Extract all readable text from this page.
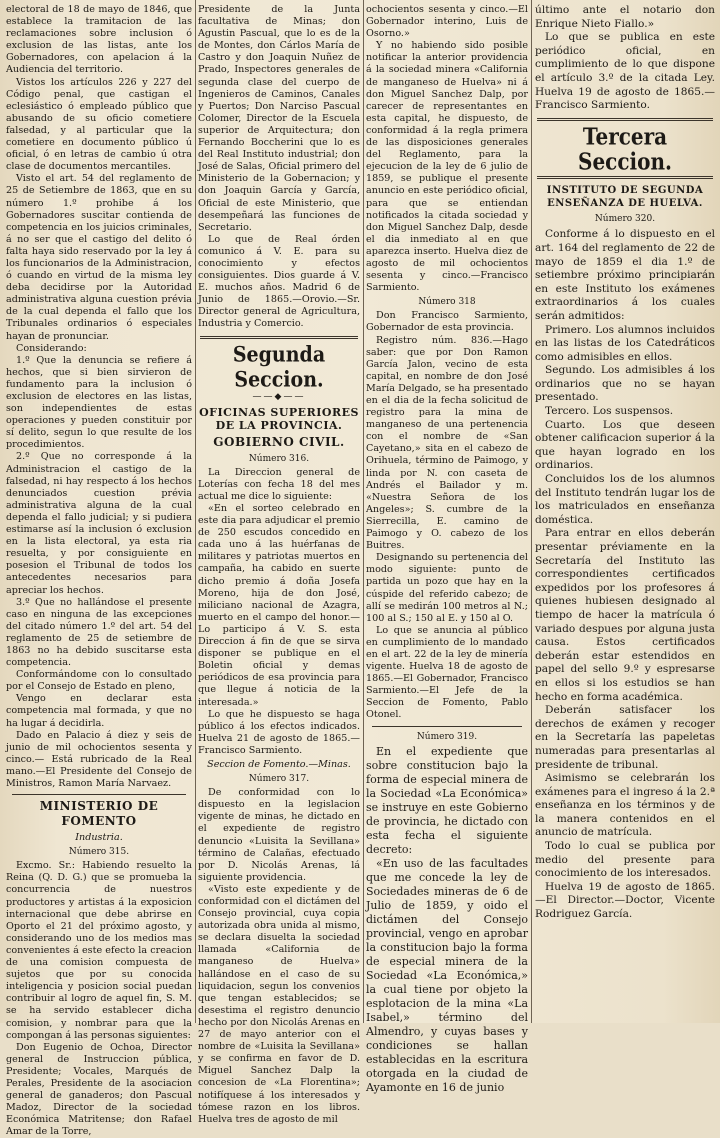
electoral de 18 de mayo de 1846, que establece la tramitacion de las reclamaciones sobre inclusion ó exclusion de las listas, ante los Gobernadores, con apelacion á la Audiencia del territorio.

Vistos los artículos 226 y 227 del Código penal, que castigan el eclesiástico ó empleado público que abusando de su oficio cometiere falsedad, y al particular que la cometiere en documento público ú oficial, ó en letras de cambio ú otra clase de documentos mercantiles.

Visto el art. 54 del reglamento de 25 de Setiembre de 1863, que en su número 1.º prohibe á los Gobernadores suscitar contienda de competencia en los juicios criminales, á no ser que el castigo del delito ó falta haya sido reservado por la ley á los funcionarios de la Administracion, ó cuando en virtud de la misma ley deba decidirse por la Autoridad administrativa alguna cuestion prévia de la cual dependa el fallo que los Tribunales ordinarios ó especiales hayan de pronunciar.

Considerando:

1.º Que la denuncia se refiere á hechos, que si bien sirvieron de fundamento para la inclusion ó exclusion de electores en las listas, son independientes de estas operaciones y pueden constituir por sí delito, segun lo que resulte de los procedimientos.

2.º Que no corresponde á la Administracion el castigo de la falsedad, ni hay respecto á los hechos denunciados cuestion prévia administrativa alguna de la cual dependa el fallo judicial; y si pudiera estimarse así la inclusion ó exclusion en la lista electoral, ya esta ria resuelta, y por consiguiente en posesion el Tribunal de todos los antecedentes necesarios para apreciar los hechos.

3.º Que no hallándose el presente caso en ninguna de las excepciones del citado número 1.º del art. 54 del reglamento de 25 de setiembre de 1863 no ha debido suscitarse esta competencia.

Conformándome con lo consultado por el Consejo de Estado en pleno,

Vengo en declarar esta competencia mal formada, y que no ha lugar á decidirla.

Dado en Palacio á diez y seis de junio de mil ochocientos sesenta y cinco.— Está rubricado de la Real mano.—El Presidente del Consejo de Ministros, Ramon María Narvaez.

MINISTERIO DE FOMENTO
Industria.
Número 315.

Excmo. Sr.: Habiendo resuelto la Reina (Q. D. G.) que se promueba la concurrencia de nuestros productores y artistas á la exposicion internacional que debe abrirse en Oporto el 21 del próximo agosto, y considerando uno de los medios mas convenientes á este efecto la creacion de una comision compuesta de sujetos que por su conocida inteligencia y posicion social puedan contribuir al logro de aquel fin, S. M. se ha servido establecer dicha comision, y nombrar para que la compongan á las personas siguientes:

Don Eugenio de Ochoa, Director general de Instruccion pública, Presidente; Vocales, Marqués de Perales, Presidente de la asociacion general de ganaderos; don Pascual Madoz, Director de la sociedad Económica Matritense; don Rafael Amar de la Torre,

Presidente de la Junta facultativa de Minas; don Agustin Pascual, que lo es de la de Montes, don Cárlos María de Castro y don Joaquin Nuñez de Prado, Inspectores generales de segunda clase del cuerpo de Ingenieros de Caminos, Canales y Puertos; Don Narciso Pascual Colomer, Director de la Escuela superior de Arquitectura; don Fernando Boccherini que lo es del Real Instituto industrial; don José de Salas, Oficial primero del Ministerio de la Gobernacion; y don Joaquin García y García, Oficial de este Ministerio, que desempeñará las funciones de Secretario.

Lo que de Real órden comunico á V. E. para su conocimiento y efectos consiguientes. Dios guarde á V. E. muchos años. Madrid 6 de Junio de 1865.—Orovio.—Sr. Director general de Agricultura, Industria y Comercio.

Segunda Seccion.
——◆——
OFICINAS SUPERIORES DE LA PROVINCIA.
GOBIERNO CIVIL.
Número 316.

La Direccion general de Loterías con fecha 18 del mes actual me dice lo siguiente:

«En el sorteo celebrado en este dia para adjudicar el premio de 250 escudos concedido en cada uno á las huérfanas de militares y patriotas muertos en campaña, ha cabido en suerte dicho premio á doña Josefa Moreno, hija de don José, miliciano nacional de Azagra, muerto en el campo del honor.— Lo participo á V. S. esta Direccion á fin de que se sirva disponer se publique en el Boletin oficial y demas periódicos de esa provincia para que llegue á noticia de la interesada.»

Lo que he dispuesto se haga público á los efectos indicados. Huelva 21 de agosto de 1865.—Francisco Sarmiento.

Seccion de Fomento.—Minas.
Número 317.

De conformidad con lo dispuesto en la legislacion vigente de minas, he dictado en el expediente de registro denuncio «Luisita la Sevillana» término de Calañas, efectuado por D. Nicolás Arenas, lá siguiente providencia.

«Visto este expediente y de conformidad con el dictámen del Consejo provincial, cuya copia autorizada obra unida al mismo, se declara disuelta la sociedad llamada «California de manganeso de Huelva» hallándose en el caso de su liquidacion, segun los convenios que tengan establecidos; se desestima el registro denuncio hecho por don Nicolás Arenas en 27 de mayo anterior con el nombre de «Luisita la Sevillana» y se confirma en favor de D. Miguel Sanchez Dalp la concesion de «La Florentina»; notifíquese á los interesados y tómese razon en los libros. Huelva tres de agosto de mil

ochocientos sesenta y cinco.—El Gobernador interino, Luis de Osorno.»

Y no habiendo sido posible notificar la anterior providencia á la sociedad minera «California de manganeso de Huelva» ni á don Miguel Sanchez Dalp, por carecer de representantes en esta capital, he dispuesto, de conformidad á la regla primera de las disposiciones generales del Reglamento, para la ejecucion de la ley de 6 julio de 1859, se publique el presente anuncio en este periódico oficial, para que se entiendan notificados la citada sociedad y don Miguel Sanchez Dalp, desde el dia inmediato al en que aparezca inserto. Huelva diez de agosto de mil ochocientos sesenta y cinco.—Francisco Sarmiento.

Número 318

Don Francisco Sarmiento, Gobernador de esta provincia.

Registro núm. 836.—Hago saber: que por Don Ramon García Jalon, vecino de esta capital, en nombre de don José María Delgado, se ha presentado en el dia de la fecha solicitud de registro para la mina de manganeso de una pertenencia con el nombre de «San Cayetano,» sita en el cabezo de Orihuela, término de Paimogo, y linda por N. con caseta de Andrés el Bailador y m. «Nuestra Señora de los Angeles»; S. cumbre de la Sierrecilla, E. camino de Paimogo y O. cabezo de los Buitres.

Designando su pertenencia del modo siguiente: punto de partida un pozo que hay en la cúspide del referido cabezo; de allí se medirán 100 metros al N.; 100 al S.; 150 al E. y 150 al O.

Lo que se anuncia al público en cumplimiento de lo mandado en el art. 22 de la ley de minería vigente. Huelva 18 de agosto de 1865.—El Gobernador, Francisco Sarmiento.—El Jefe de la Seccion de Fomento, Pablo Otonel.

Número 319.

En el expediente que sobre constitucion bajo la forma de especial minera de la Sociedad «La Económica» se instruye en este Gobierno de provincia, he dictado con esta fecha el siguiente decreto:

«En uso de las facultades que me concede la ley de Sociedades mineras de 6 de Julio de 1859, y oido el dictámen del Consejo provincial, vengo en aprobar la constitucion bajo la forma de especial minera de la Sociedad «La Económica,» la cual tiene por objeto la esplotacion de la mina «La Isabel,» término del Almendro, y cuyas bases y condiciones se hallan establecidas en la escritura otorgada en la ciudad de Ayamonte en 16 de junio

último ante el notario don Enrique Nieto Fiallo.»

Lo que se publica en este periódico oficial, en cumplimiento de lo que dispone el artículo 3.º de la citada Ley. Huelva 19 de agosto de 1865.—Francisco Sarmiento.

Tercera Seccion.
INSTITUTO DE SEGUNDA ENSEÑANZA DE HUELVA.
Número 320.

Conforme á lo dispuesto en el art. 164 del reglamento de 22 de mayo de 1859 el dia 1.º de setiembre próximo principiarán en este Instituto los exámenes extraordinarios á los cuales serán admitidos:

Primero. Los alumnos incluidos en las listas de los Catedráticos como admisibles en ellos.

Segundo. Los admisibles á los ordinarios que no se hayan presentado.

Tercero. Los suspensos.

Cuarto. Los que deseen obtener calificacion superior á la que hayan logrado en los ordinarios.

Concluidos los de los alumnos del Instituto tendrán lugar los de los matriculados en enseñanza doméstica.

Para entrar en ellos deberán presentar préviamente en la Secretaría del Instituto las correspondientes certificados expedidos por los profesores á quienes hubiesen designado al tiempo de hacer la matrícula ó variado despues por alguna justa causa. Estos certificados deberán estar estendidos en papel del sello 9.º y espresarse en ellos si los estudios se han hecho en forma académica.

Deberán satisfacer los derechos de exámen y recoger en la Secretaría las papeletas numeradas para presentarlas al presidente de tribunal.

Asimismo se celebrarán los exámenes para el ingreso á la 2.ª enseñanza en los términos y de la manera contenidos en el anuncio de matrícula.

Todo lo cual se publica por medio del presente para conocimiento de los interesados.

Huelva 19 de agosto de 1865.—El Director.—Doctor, Vicente Rodriguez García.
